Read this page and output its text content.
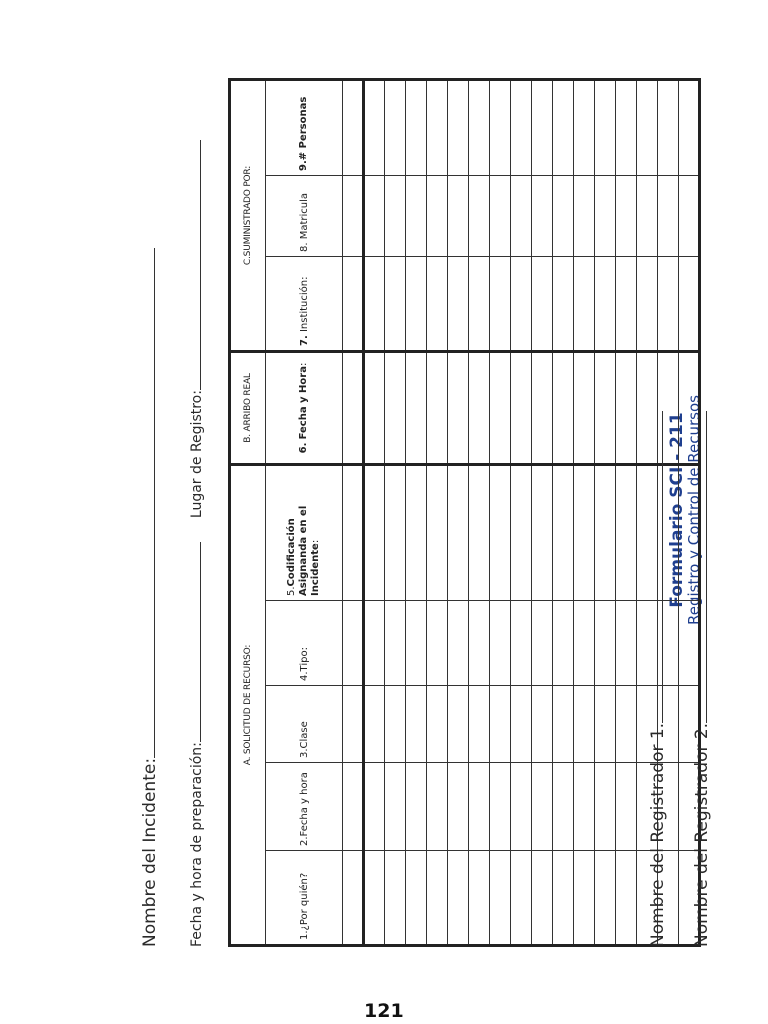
Formulario SCI - 211
Registro y Control de Recursos
Nombre del Incidente: Fecha y hora de preparación:Lugar de Registro:
A. SOLICITUD DE RECURSO:					B. ARRIBO REAL	C.SUMINISTRADO POR:		
1.¿Por quién?	2.Fecha y hora	3.Clase	4.Tipo:	5.Codificación Asignanda en el Incidente:	6. Fecha y Hora:	7. Institución:	8. Matricula	9.# Personas

Nombre del Registrador 1. Nombre del Registrador 2.
121
